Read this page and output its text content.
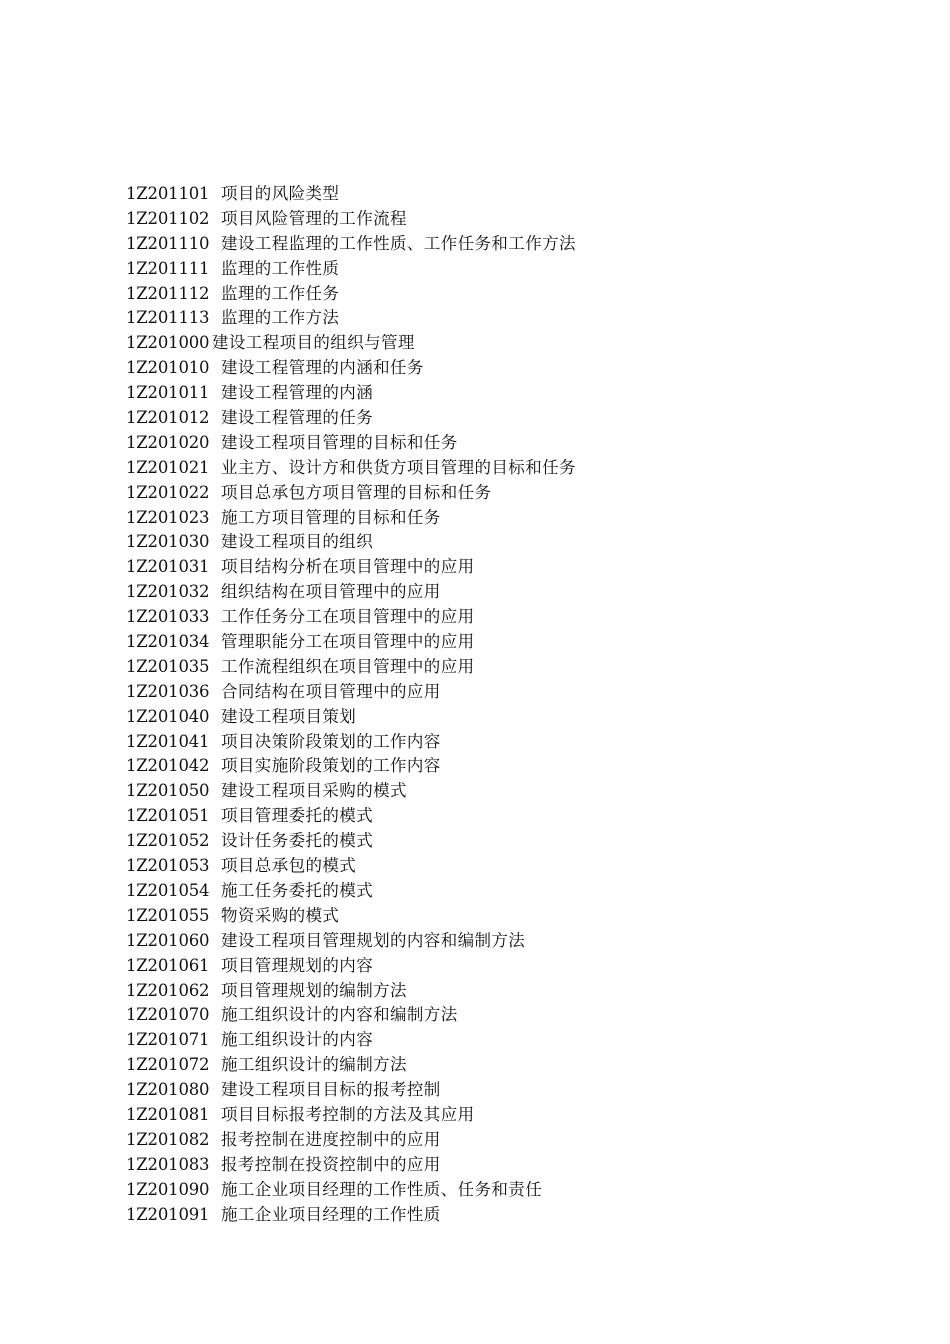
1Z201101 项目的风险类型
1Z201102 项目风险管理的工作流程
1Z201110 建设工程监理的工作性质、工作任务和工作方法
1Z201111 监理的工作性质
1Z201112 监理的工作任务
1Z201113 监理的工作方法
1Z201000 建设工程项目的组织与管理
1Z201010 建设工程管理的内涵和任务
1Z201011 建设工程管理的内涵
1Z201012 建设工程管理的任务
1Z201020 建设工程项目管理的目标和任务
1Z201021 业主方、设计方和供货方项目管理的目标和任务
1Z201022 项目总承包方项目管理的目标和任务
1Z201023 施工方项目管理的目标和任务
1Z201030 建设工程项目的组织
1Z201031 项目结构分析在项目管理中的应用
1Z201032 组织结构在项目管理中的应用
1Z201033 工作任务分工在项目管理中的应用
1Z201034 管理职能分工在项目管理中的应用
1Z201035 工作流程组织在项目管理中的应用
1Z201036 合同结构在项目管理中的应用
1Z201040 建设工程项目策划
1Z201041 项目决策阶段策划的工作内容
1Z201042 项目实施阶段策划的工作内容
1Z201050 建设工程项目采购的模式
1Z201051 项目管理委托的模式
1Z201052 设计任务委托的模式
1Z201053 项目总承包的模式
1Z201054 施工任务委托的模式
1Z201055 物资采购的模式
1Z201060 建设工程项目管理规划的内容和编制方法
1Z201061 项目管理规划的内容
1Z201062 项目管理规划的编制方法
1Z201070 施工组织设计的内容和编制方法
1Z201071 施工组织设计的内容
1Z201072 施工组织设计的编制方法
1Z201080 建设工程项目目标的报考控制
1Z201081 项目目标报考控制的方法及其应用
1Z201082 报考控制在进度控制中的应用
1Z201083 报考控制在投资控制中的应用
1Z201090 施工企业项目经理的工作性质、任务和责任
1Z201091 施工企业项目经理的工作性质
